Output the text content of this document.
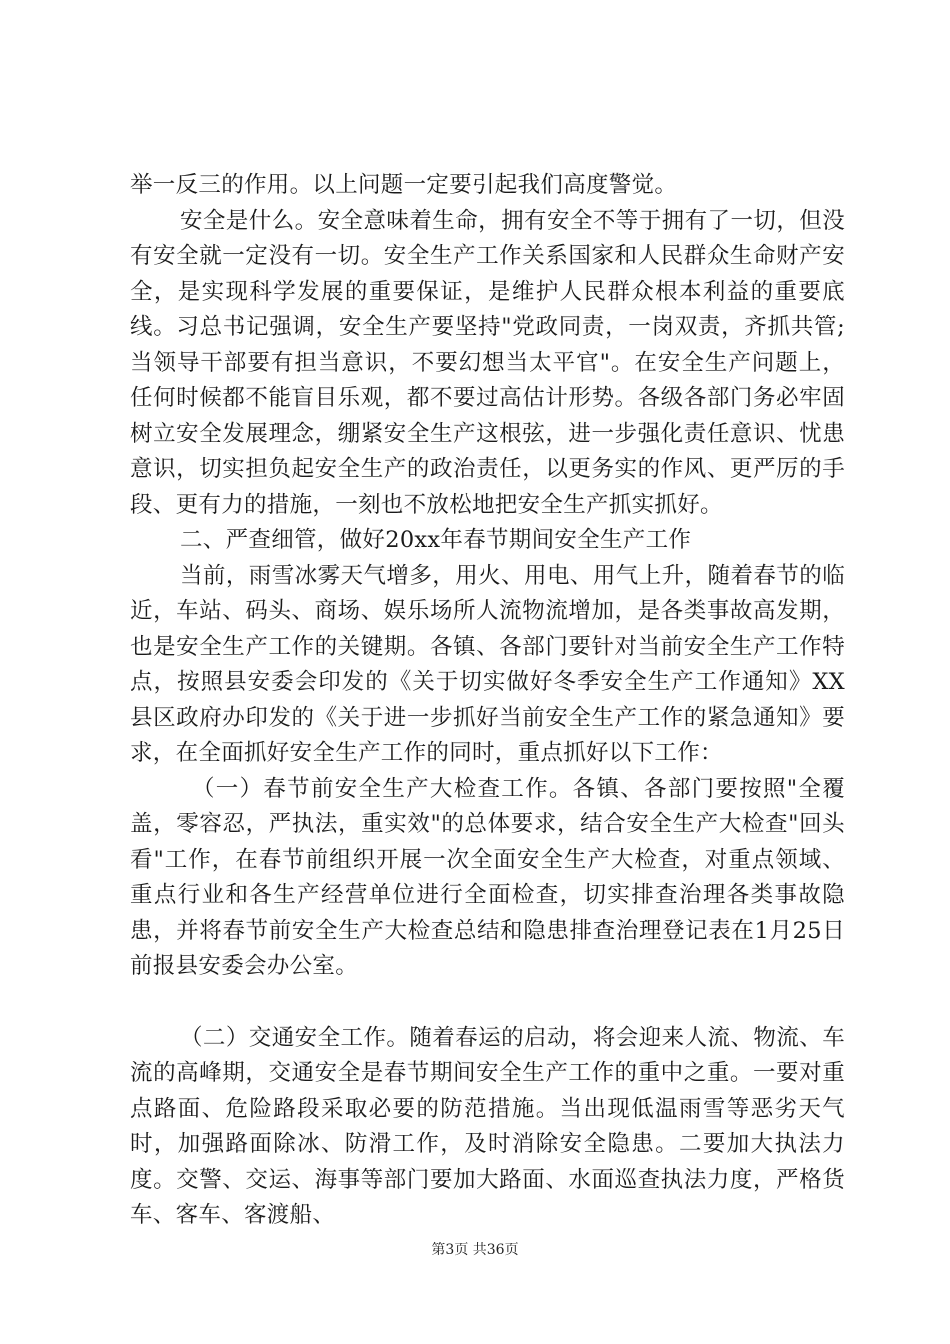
举一反三的作用。以上问题一定要引起我们高度警觉。

安全是什么。安全意味着生命，拥有安全不等于拥有了一切，但没有安全就一定没有一切。安全生产工作关系国家和人民群众生命财产安全，是实现科学发展的重要保证，是维护人民群众根本利益的重要底线。习总书记强调，安全生产要坚持"党政同责，一岗双责，齐抓共管;当领导干部要有担当意识，不要幻想当太平官"。在安全生产问题上，任何时候都不能盲目乐观，都不要过高估计形势。各级各部门务必牢固树立安全发展理念，绷紧安全生产这根弦，进一步强化责任意识、忧患意识，切实担负起安全生产的政治责任，以更务实的作风、更严厉的手段、更有力的措施，一刻也不放松地把安全生产抓实抓好。

二、严查细管，做好20xx年春节期间安全生产工作

当前，雨雪冰雾天气增多，用火、用电、用气上升，随着春节的临近，车站、码头、商场、娱乐场所人流物流增加，是各类事故高发期，也是安全生产工作的关键期。各镇、各部门要针对当前安全生产工作特点，按照县安委会印发的《关于切实做好冬季安全生产工作通知》XX县区政府办印发的《关于进一步抓好当前安全生产工作的紧急通知》要求，在全面抓好安全生产工作的同时，重点抓好以下工作：

（一）春节前安全生产大检查工作。各镇、各部门要按照"全覆盖，零容忍，严执法，重实效"的总体要求，结合安全生产大检查"回头看"工作，在春节前组织开展一次全面安全生产大检查，对重点领域、重点行业和各生产经营单位进行全面检查，切实排查治理各类事故隐患，并将春节前安全生产大检查总结和隐患排查治理登记表在1月25日前报县安委会办公室。

（二）交通安全工作。随着春运的启动，将会迎来人流、物流、车流的高峰期，交通安全是春节期间安全生产工作的重中之重。一要对重点路面、危险路段采取必要的防范措施。当出现低温雨雪等恶劣天气时，加强路面除冰、防滑工作，及时消除安全隐患。二要加大执法力度。交警、交运、海事等部门要加大路面、水面巡查执法力度，严格货车、客车、客渡船、

第3页 共36页
